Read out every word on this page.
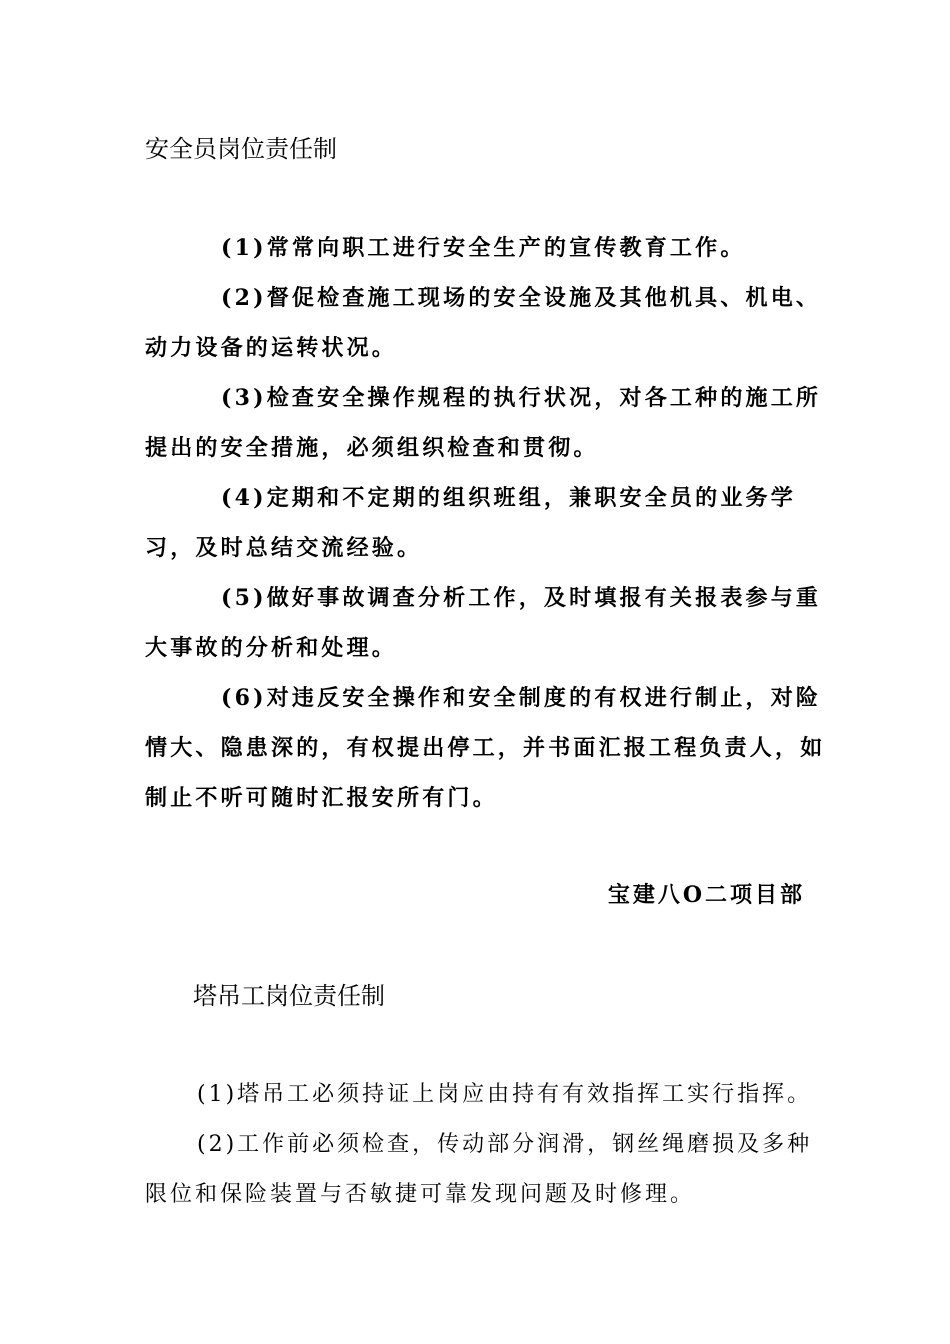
安全员岗位责任制

(1)常常向职工进行安全生产的宣传教育工作。

(2)督促检查施工现场的安全设施及其他机具、机电、动力设备的运转状况。

(3)检查安全操作规程的执行状况，对各工种的施工所提出的安全措施，必须组织检查和贯彻。

(4)定期和不定期的组织班组，兼职安全员的业务学习，及时总结交流经验。

(5)做好事故调查分析工作，及时填报有关报表参与重大事故的分析和处理。

(6)对违反安全操作和安全制度的有权进行制止，对险情大、隐患深的，有权提出停工，并书面汇报工程负责人，如制止不听可随时汇报安所有门。

宝建八O二项目部
塔吊工岗位责任制

(1)塔吊工必须持证上岗应由持有有效指挥工实行指挥。

(2)工作前必须检查，传动部分润滑，钢丝绳磨损及多种限位和保险装置与否敏捷可靠发现问题及时修理。
